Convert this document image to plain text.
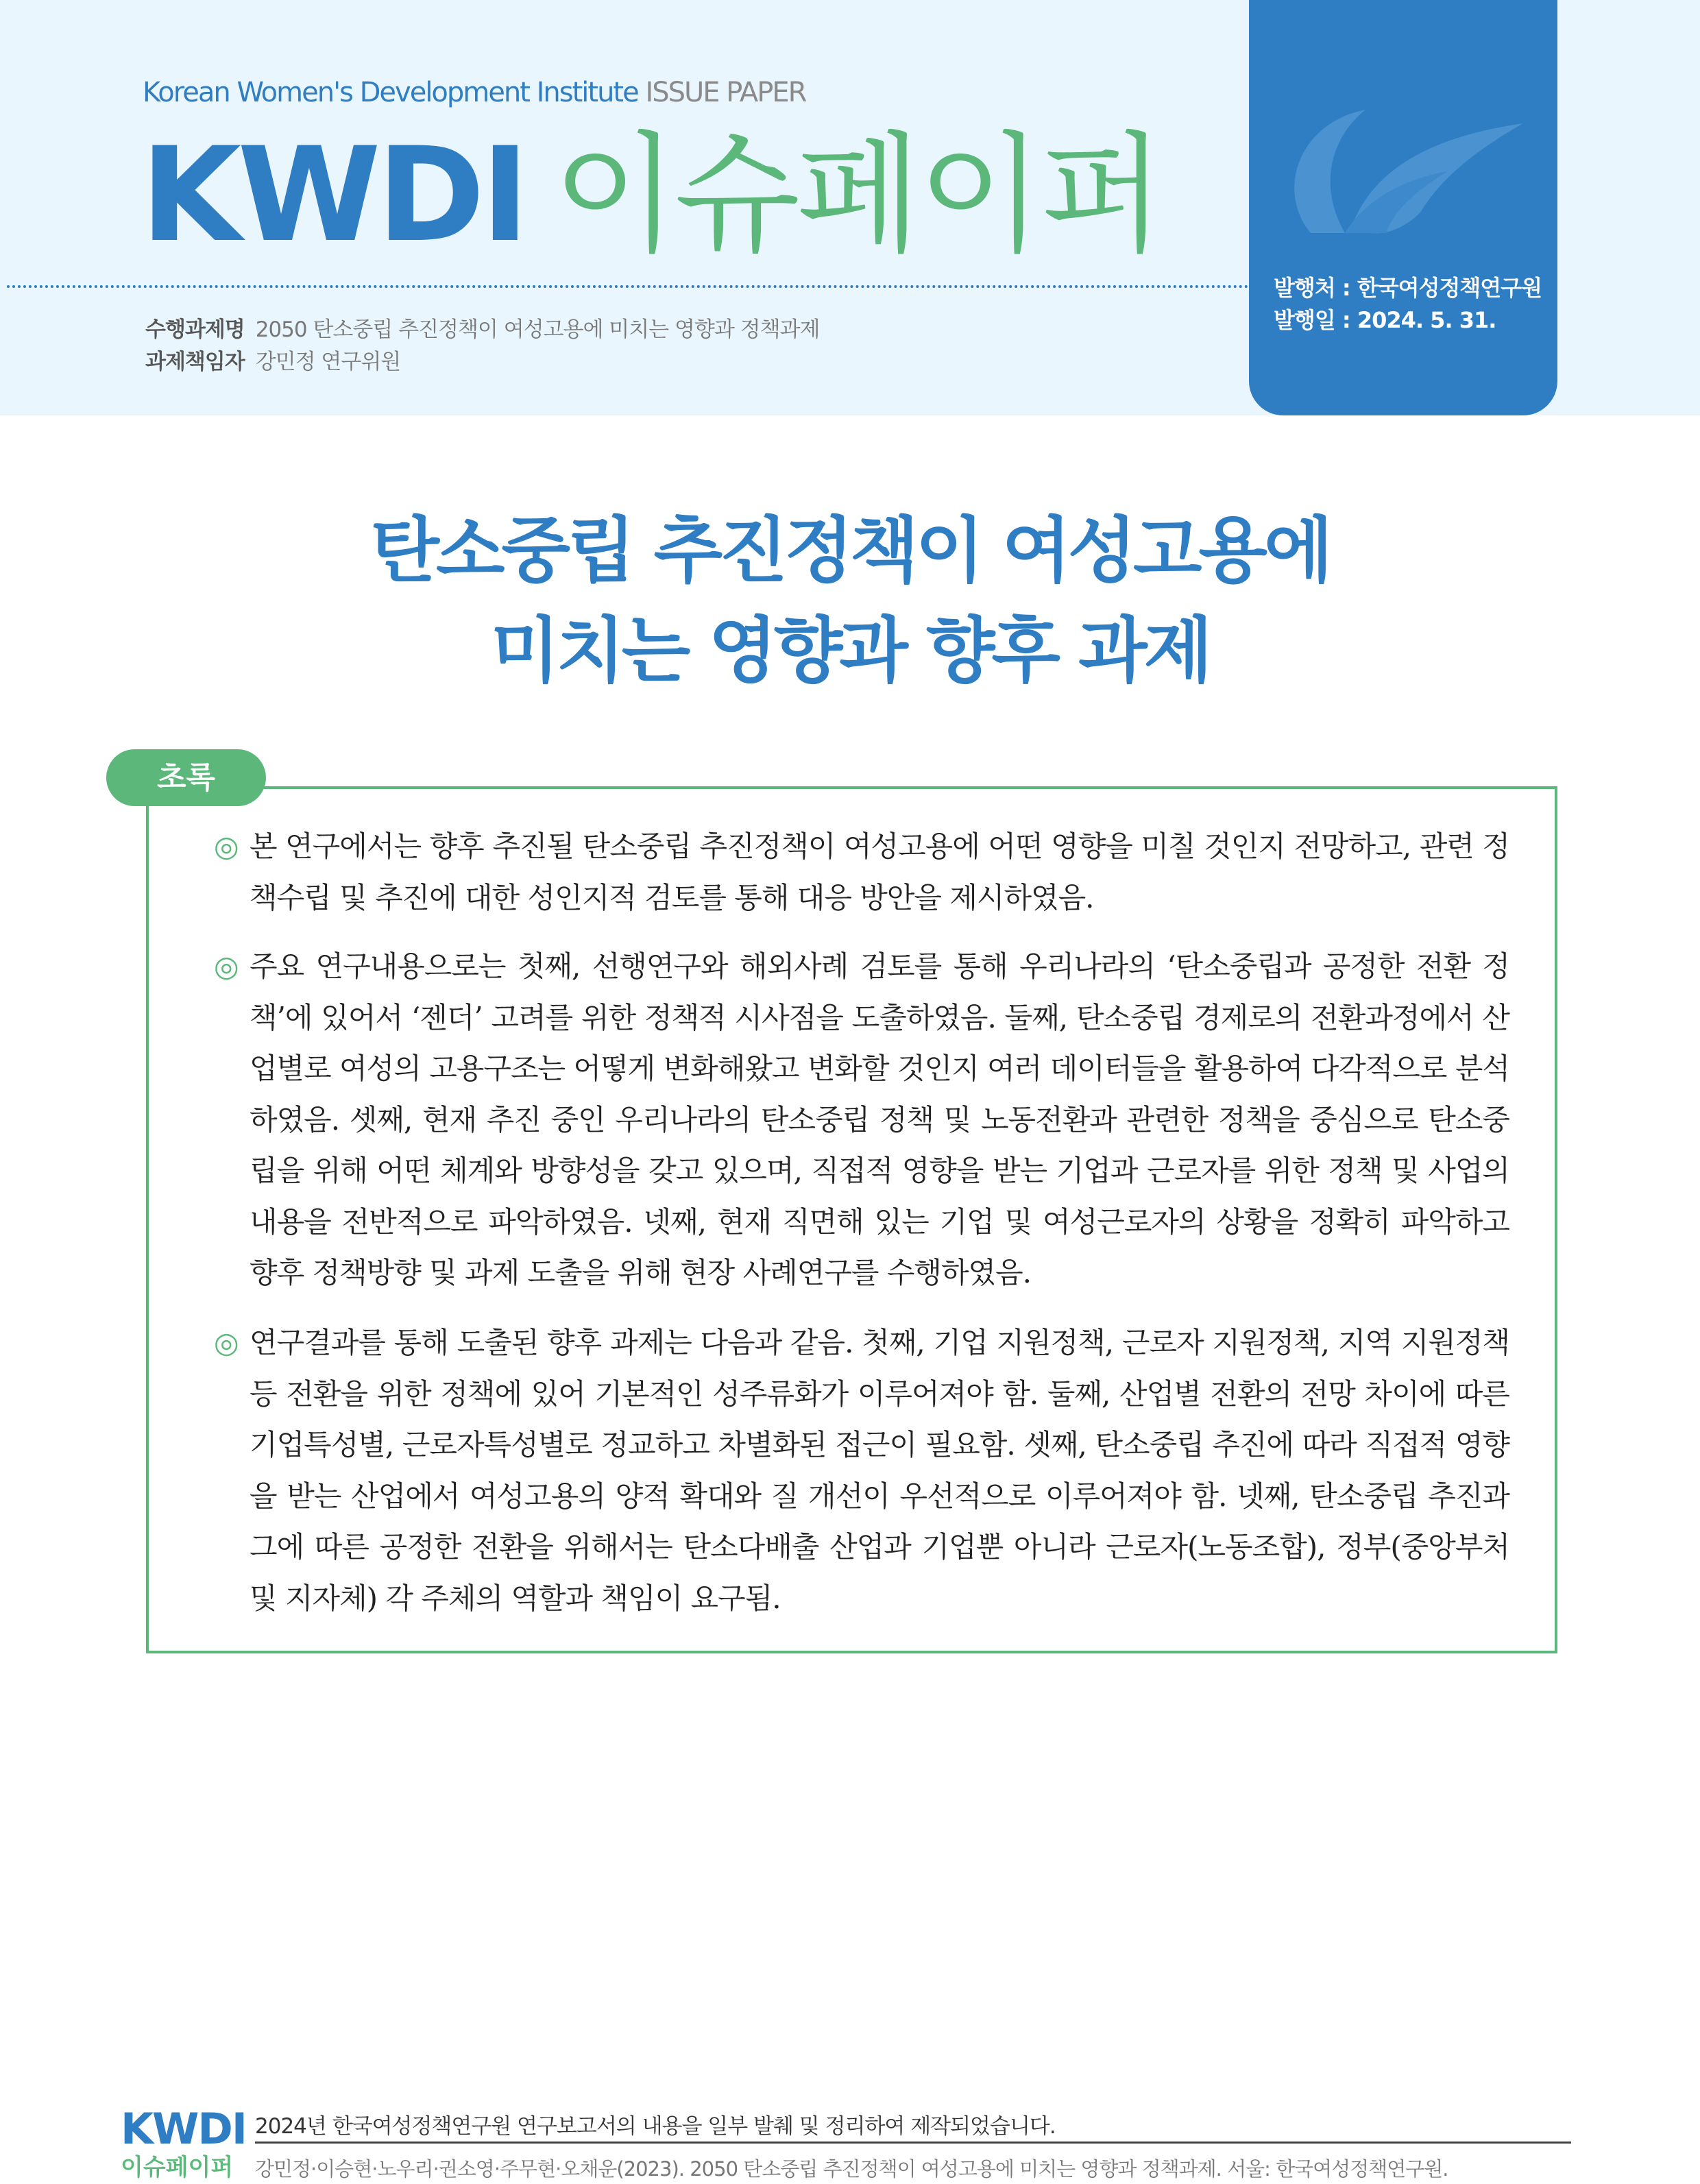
Korean Women's Development Institute ISSUE PAPER
KWDI 이슈페이퍼
수행과제명 2050 탄소중립 추진정책이 여성고용에 미치는 영향과 정책과제
과제책임자 강민정 연구위원
발행처 : 한국여성정책연구원
발행일 : 2024. 5. 31.
탄소중립 추진정책이 여성고용에
미치는 영향과 향후 과제
초록
◎ 본 연구에서는 향후 추진될 탄소중립 추진정책이 여성고용에 어떤 영향을 미칠 것인지 전망하고, 관련 정책수립 및 추진에 대한 성인지적 검토를 통해 대응 방안을 제시하였음.
◎ 주요 연구내용으로는 첫째, 선행연구와 해외사례 검토를 통해 우리나라의 ‘탄소중립과 공정한 전환 정책’에 있어서 ‘젠더’ 고려를 위한 정책적 시사점을 도출하였음. 둘째, 탄소중립 경제로의 전환과정에서 산업별로 여성의 고용구조는 어떻게 변화해왔고 변화할 것인지 여러 데이터들을 활용하여 다각적으로 분석하였음. 셋째, 현재 추진 중인 우리나라의 탄소중립 정책 및 노동전환과 관련한 정책을 중심으로 탄소중립을 위해 어떤 체계와 방향성을 갖고 있으며, 직접적 영향을 받는 기업과 근로자를 위한 정책 및 사업의 내용을 전반적으로 파악하였음. 넷째, 현재 직면해 있는 기업 및 여성근로자의 상황을 정확히 파악하고 향후 정책방향 및 과제 도출을 위해 현장 사례연구를 수행하였음.
◎ 연구결과를 통해 도출된 향후 과제는 다음과 같음. 첫째, 기업 지원정책, 근로자 지원정책, 지역 지원정책 등 전환을 위한 정책에 있어 기본적인 성주류화가 이루어져야 함. 둘째, 산업별 전환의 전망 차이에 따른 기업특성별, 근로자특성별로 정교하고 차별화된 접근이 필요함. 셋째, 탄소중립 추진에 따라 직접적 영향을 받는 산업에서 여성고용의 양적 확대와 질 개선이 우선적으로 이루어져야 함. 넷째, 탄소중립 추진과 그에 따른 공정한 전환을 위해서는 탄소다배출 산업과 기업뿐 아니라 근로자(노동조합), 정부(중앙부처 및 지자체) 각 주체의 역할과 책임이 요구됨.
KWDI
이슈페이퍼
2024년 한국여성정책연구원 연구보고서의 내용을 일부 발췌 및 정리하여 제작되었습니다.
강민정·이승현·노우리·권소영·주무현·오채운(2023). 2050 탄소중립 추진정책이 여성고용에 미치는 영향과 정책과제. 서울: 한국여성정책연구원.
